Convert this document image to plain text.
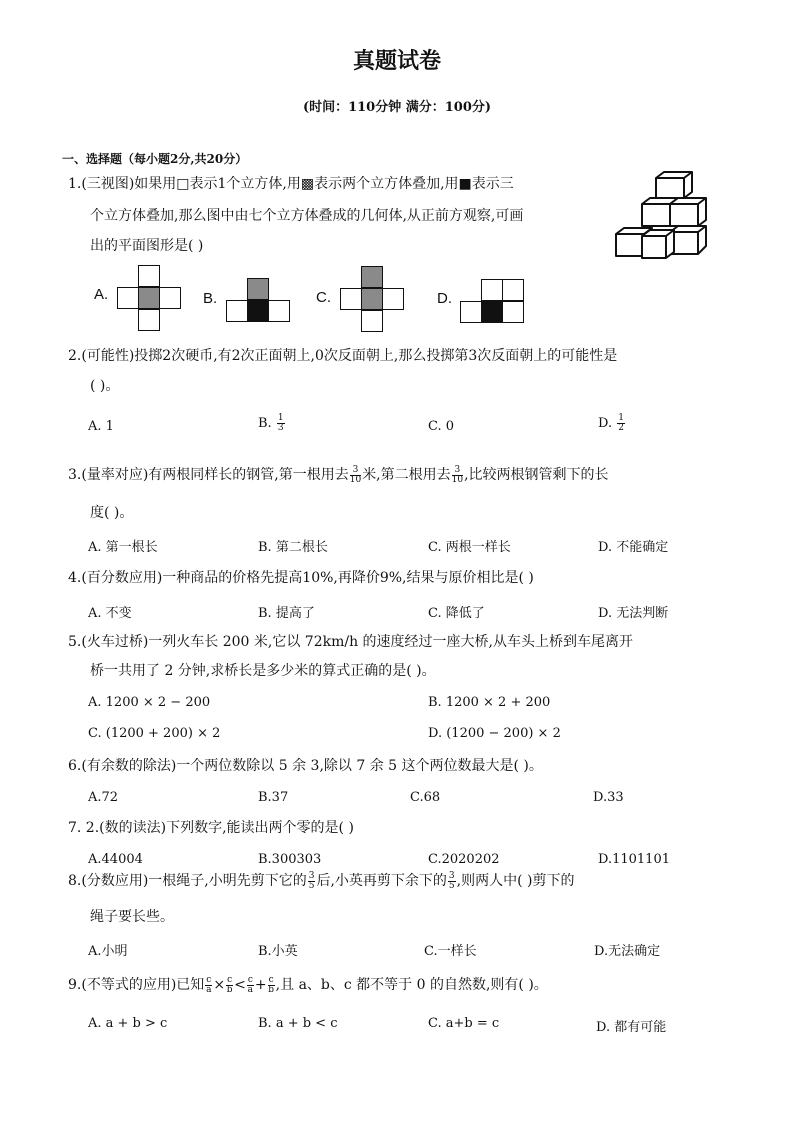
真题试卷
(时间：110分钟 满分：100分)
一、选择题（每小题2分,共20分）
1.(三视图)如果用□表示1个立方体,用▩表示两个立方体叠加,用■表示三
个立方体叠加,那么图中由七个立方体叠成的几何体,从正前方观察,可画
出的平面图形是( )
A.	B.	C.	D.
2.(可能性)投掷2次硬币,有2次正面朝上,0次反面朝上,那么投掷第3次反面朝上的可能性是
( )。
A. 1	B. $\frac{1}{3}$	C. 0	D. $\frac{1}{2}$
3.(量率对应)有两根同样长的钢管,第一根用去 $\frac{3}{10}$ 米,第二根用去 $\frac{3}{10}$ ,比较两根钢管剩下的长
度( )。
A. 第一根长	B. 第二根长	C. 两根一样长	D. 不能确定
4.(百分数应用)一种商品的价格先提高10%,再降价9%,结果与原价相比是( )
A. 不变	B. 提高了	C. 降低了	D. 无法判断
5.(火车过桥)一列火车长 200 米,它以 72km/h 的速度经过一座大桥,从车头上桥到车尾离开
桥一共用了 2 分钟,求桥长是多少米的算式正确的是( )。
A. 1200 × 2 − 200	B. 1200 × 2 + 200
C. (1200 + 200) × 2	D. (1200 − 200) × 2
6.(有余数的除法)一个两位数除以 5 余 3,除以 7 余 5 这个两位数最大是( )。
A.72	B.37	C.68	D.33
7. 2.(数的读法)下列数字,能读出两个零的是( )
A.44004	B.300303	C.2020202	D.1101101
8.(分数应用)一根绳子,小明先剪下它的 $\frac{3}{5}$ 后,小英再剪下余下的 $\frac{3}{5}$ ,则两人中( )剪下的
绳子要长些。
A.小明	B.小英	C.一样长	D.无法确定
9.(不等式的应用)已知 $\frac{c}{a} \times \frac{c}{b} < \frac{c}{a} + \frac{c}{b}$ ,且 a、b、c 都不等于 0 的自然数,则有( )。
A. a + b > c	B. a + b < c	C. a+b = c	D. 都有可能
